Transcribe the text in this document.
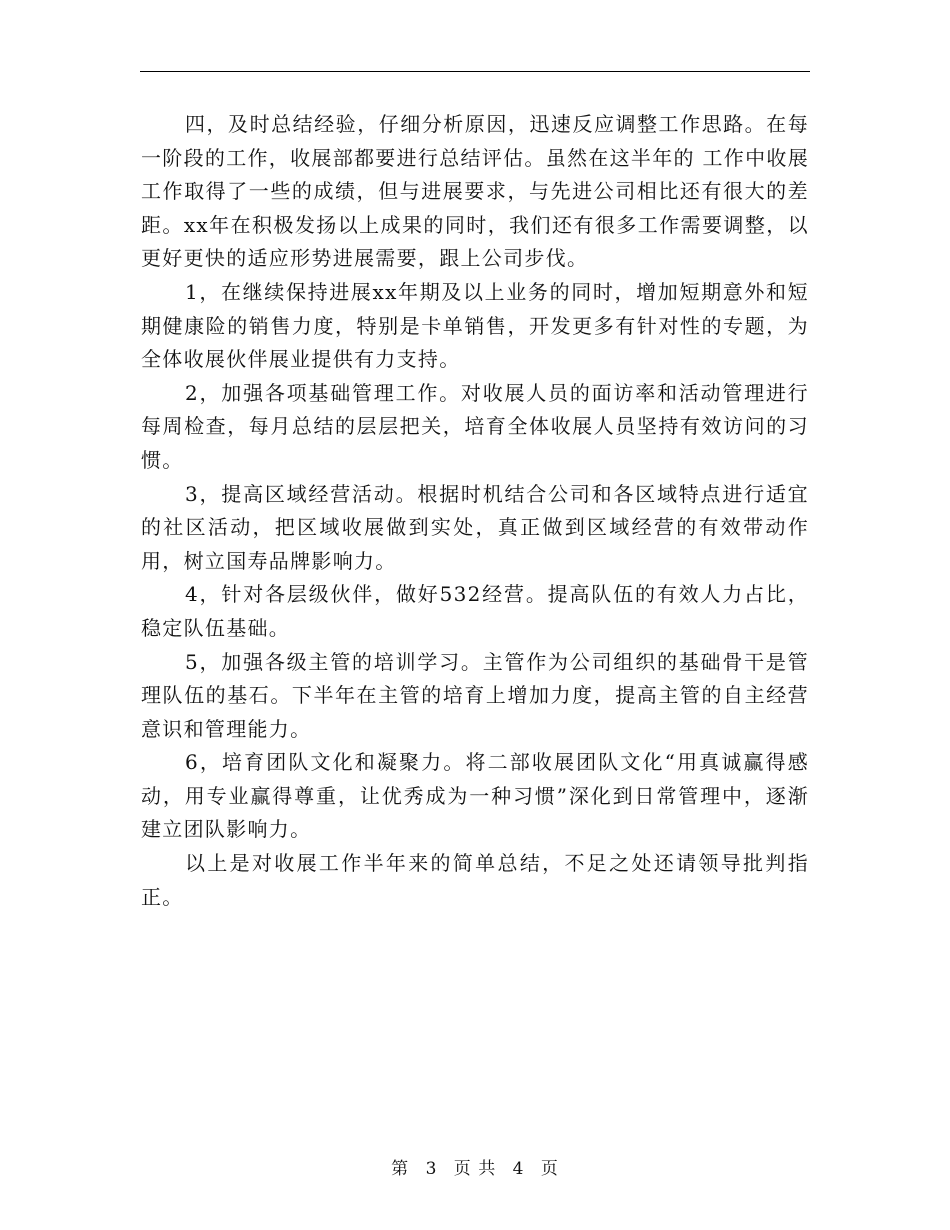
四，及时总结经验，仔细分析原因，迅速反应调整工作思路。在每一阶段的工作，收展部都要进行总结评估。虽然在这半年的 工作中收展工作取得了一些的成绩，但与进展要求，与先进公司相比还有很大的差距。xx年在积极发扬以上成果的同时，我们还有很多工作需要调整，以更好更快的适应形势进展需要，跟上公司步伐。

1，在继续保持进展xx年期及以上业务的同时，增加短期意外和短期健康险的销售力度，特别是卡单销售，开发更多有针对性的专题，为全体收展伙伴展业提供有力支持。

2，加强各项基础管理工作。对收展人员的面访率和活动管理进行每周检查，每月总结的层层把关，培育全体收展人员坚持有效访问的习惯。

3，提高区域经营活动。根据时机结合公司和各区域特点进行适宜的社区活动，把区域收展做到实处，真正做到区域经营的有效带动作用，树立国寿品牌影响力。

4，针对各层级伙伴，做好532经营。提高队伍的有效人力占比，稳定队伍基础。

5，加强各级主管的培训学习。主管作为公司组织的基础骨干是管理队伍的基石。下半年在主管的培育上增加力度，提高主管的自主经营意识和管理能力。

6，培育团队文化和凝聚力。将二部收展团队文化“用真诚赢得感动，用专业赢得尊重，让优秀成为一种习惯”深化到日常管理中，逐渐建立团队影响力。

以上是对收展工作半年来的简单总结，不足之处还请领导批判指正。

第 3 页 共 4 页
